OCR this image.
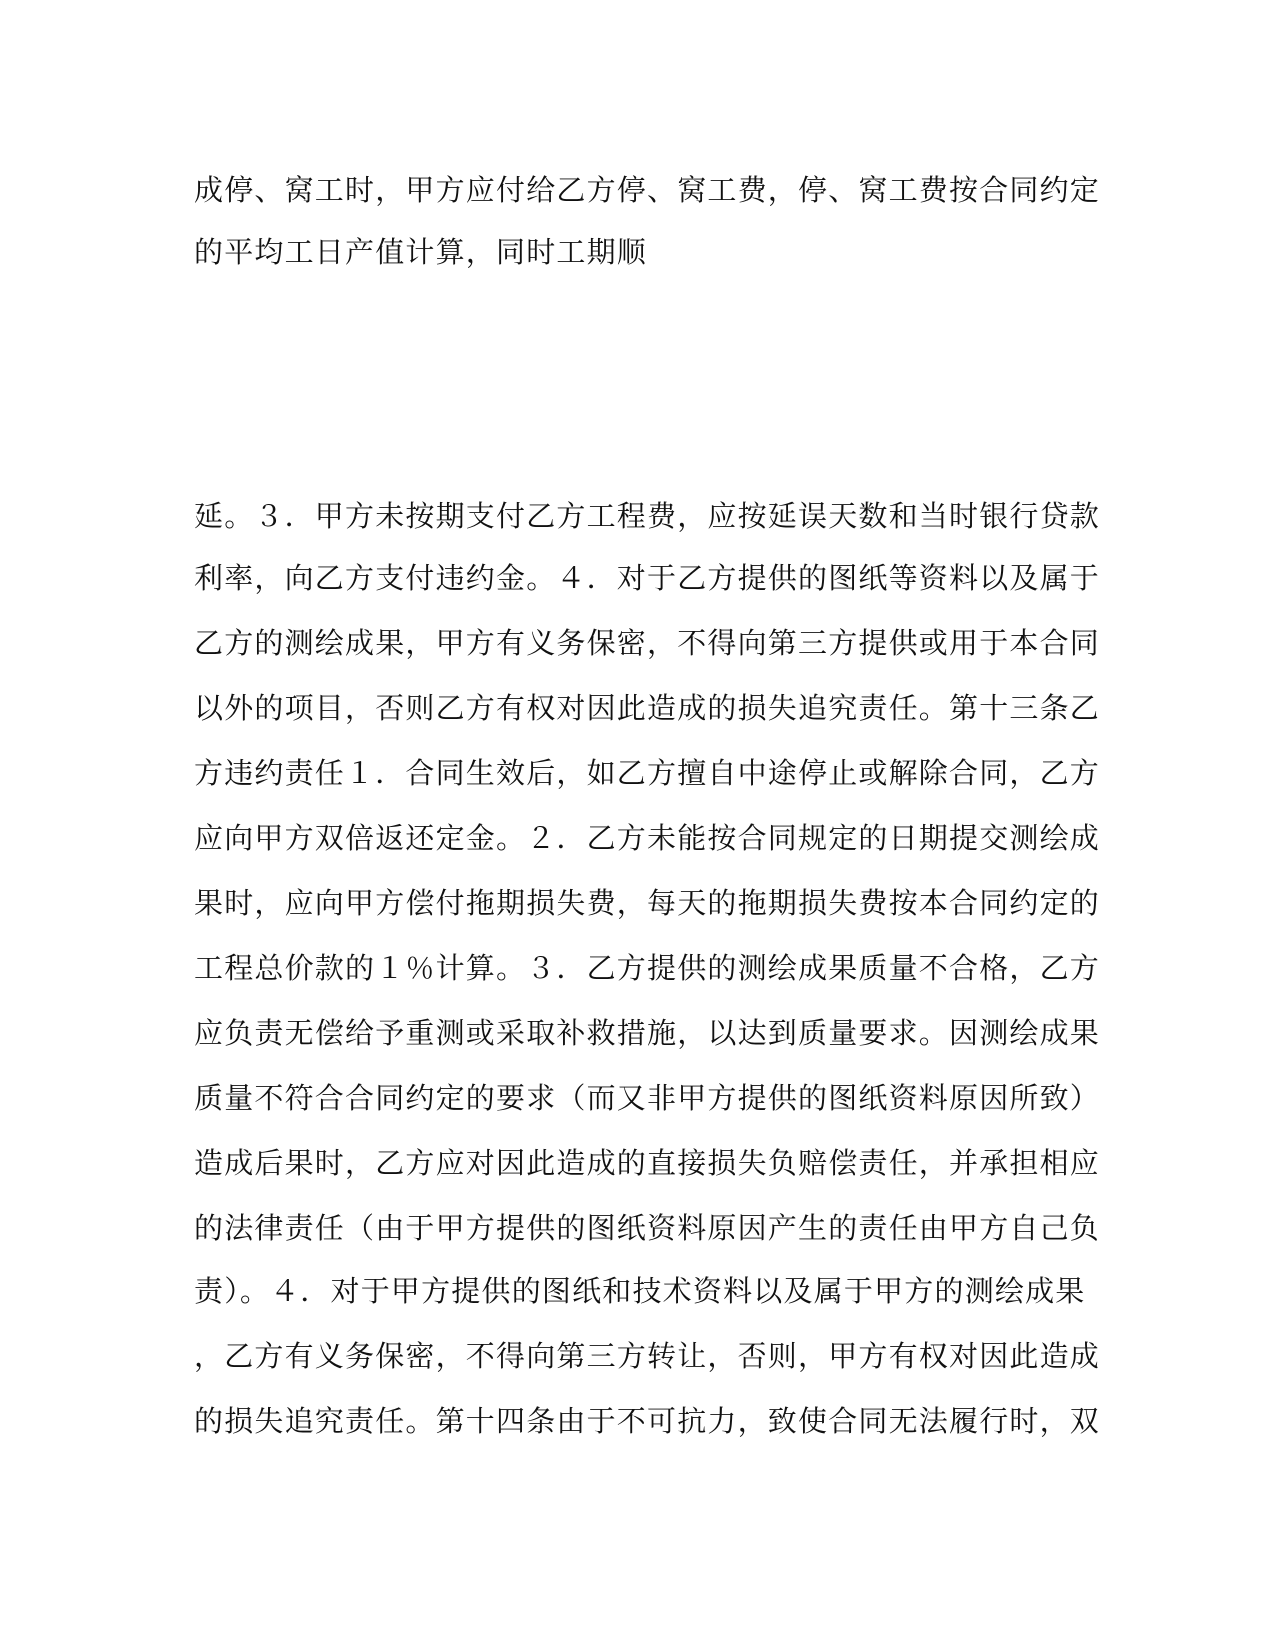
成停、窝工时，甲方应付给乙方停、窝工费，停、窝工费按合同约定

的平均工日产值计算，同时工期顺

延。３．甲方未按期支付乙方工程费，应按延误天数和当时银行贷款

利率，向乙方支付违约金。４．对于乙方提供的图纸等资料以及属于

乙方的测绘成果，甲方有义务保密，不得向第三方提供或用于本合同

以外的项目，否则乙方有权对因此造成的损失追究责任。第十三条乙

方违约责任１．合同生效后，如乙方擅自中途停止或解除合同，乙方

应向甲方双倍返还定金。２．乙方未能按合同规定的日期提交测绘成

果时，应向甲方偿付拖期损失费，每天的拖期损失费按本合同约定的

工程总价款的１％计算。３．乙方提供的测绘成果质量不合格，乙方

应负责无偿给予重测或采取补救措施，以达到质量要求。因测绘成果

质量不符合合同约定的要求（而又非甲方提供的图纸资料原因所致）

造成后果时，乙方应对因此造成的直接损失负赔偿责任，并承担相应

的法律责任（由于甲方提供的图纸资料原因产生的责任由甲方自己负

责）。４．对于甲方提供的图纸和技术资料以及属于甲方的测绘成果

，乙方有义务保密，不得向第三方转让，否则，甲方有权对因此造成

的损失追究责任。第十四条由于不可抗力，致使合同无法履行时，双
